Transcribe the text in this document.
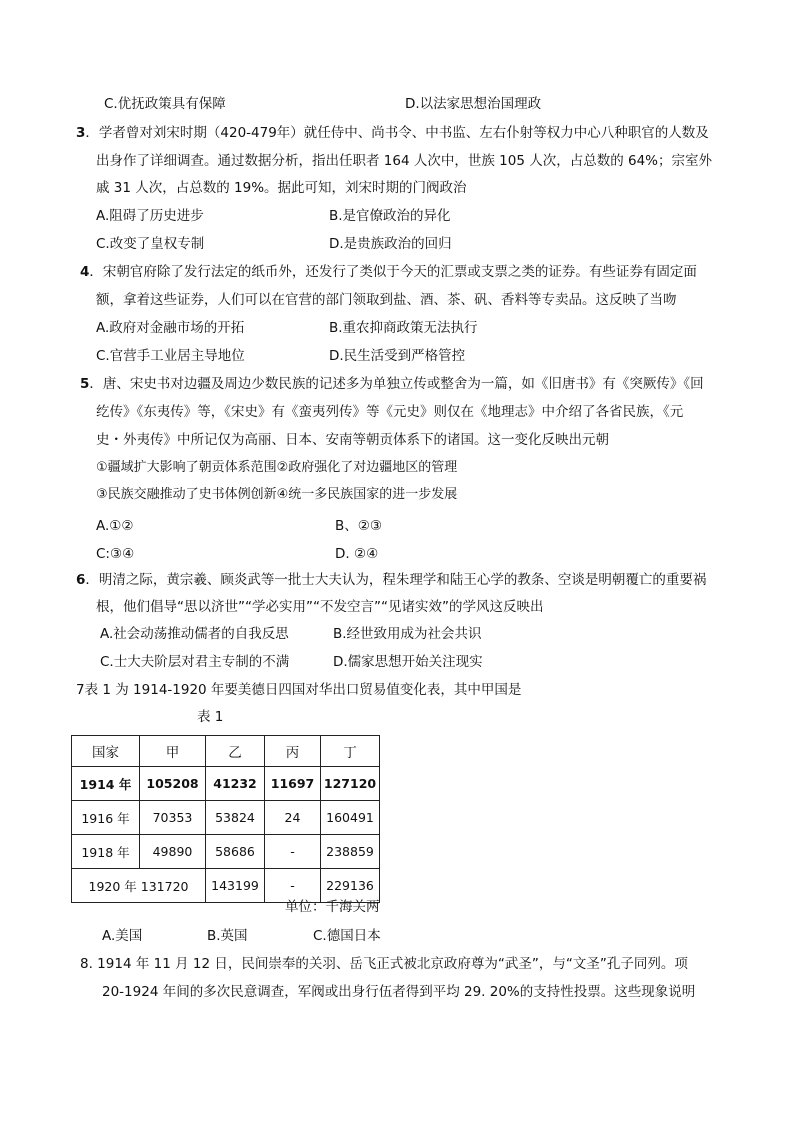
C.优抚政策具有保障	D.以法家思想治国理政
3．学者曾对刘宋时期（420-479年）就任侍中、尚书令、中书监、左右仆射等权力中心八种职官的人数及
出身作了详细调查。通过数据分析，指出任职者 164 人次中，世族 105 人次，占总数的 64%；宗室外
戚 31 人次，占总数的 19%。据此可知，刘宋时期的门阀政治
A.阻碍了历史进步	B.是官僚政治的异化
C.改变了皇权专制	D.是贵族政治的回归
4．宋朝官府除了发行法定的纸币外，还发行了类似于今天的汇票或支票之类的证券。有些证券有固定面
额，拿着这些证券，人们可以在官营的部门领取到盐、酒、茶、矾、香料等专卖品。这反映了当吻
A.政府对金融市场的开拓	B.重农抑商政策无法执行
C.官营手工业居主导地位	D.民生活受到严格管控
5．唐、宋史书对边疆及周边少数民族的记述多为单独立传或整舍为一篇，如《旧唐书》有《突厥传》《回
纥传》《东夷传》等，《宋史》有《蛮夷列传》等《元史》则仅在《地理志》中介绍了各省民族，《元
史・外夷传》中所记仅为高丽、日本、安南等朝贡体系下的诸国。这一变化反映出元朝
①疆域扩大影响了朝贡体系范围②政府强化了对边疆地区的管理
③民族交融推动了史书体例创新④统一多民族国家的进一步发展
A.①②	B、②③
C:③④	D. ②④
6．明清之际，黄宗羲、顾炎武等一批士大夫认为，程朱理学和陆王心学的教条、空谈是明朝覆亡的重要祸
根，他们倡导“思以济世”“学必实用”“不发空言”“见诸实效”的学风这反映出
A.社会动荡推动儒者的自我反思	B.经世致用成为社会共识
C.士大夫阶层对君主专制的不满	D.儒家思想开始关注现实
7表 1 为 1914-1920 年要美德日四国对华出口贸易值变化表，其中甲国是
表 1
国家	甲	乙	丙	丁
1914 年	105208	41232	11697	127120
1916 年	70353	53824	24	160491
1918 年	49890	58686	-	238859
1920 年 131720		143199	-	229136
单位：千海关两
A.美国	B.英国	C.德国日本
8. 1914 年 11 月 12 日，民间崇奉的关羽、岳飞正式被北京政府尊为“武圣”，与“文圣”孔子同列。项
20-1924 年间的多次民意调查，军阀或出身行伍者得到平均 29. 20%的支持性投票。这些现象说明
